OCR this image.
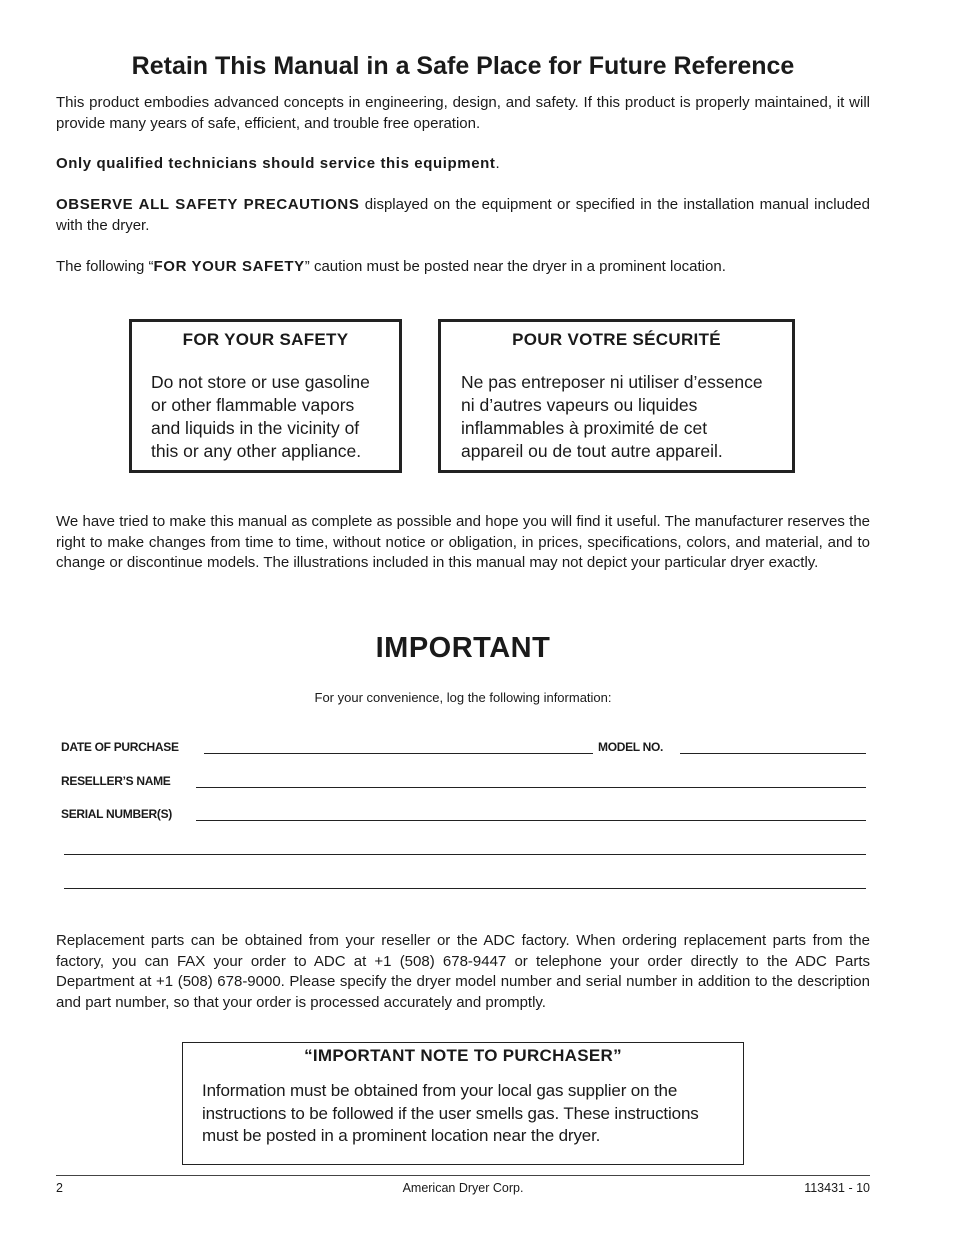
Retain This Manual in a Safe Place for Future Reference
This product embodies advanced concepts in engineering, design, and safety. If this product is properly maintained, it will provide many years of safe, efficient, and trouble free operation.
Only qualified technicians should service this equipment.
OBSERVE ALL SAFETY PRECAUTIONS displayed on the equipment or specified in the installation manual included with the dryer.
The following “FOR YOUR SAFETY” caution must be posted near the dryer in a prominent location.
FOR YOUR SAFETY
Do not store or use gasoline
or other flammable vapors
and liquids in the vicinity of
this or any other appliance.
POUR VOTRE SÉCURITÉ
Ne pas entreposer ni utiliser d’essence
ni d’autres vapeurs ou liquides
inflammables à proximité de cet
appareil ou de tout autre appareil.
We have tried to make this manual as complete as possible and hope you will find it useful. The manufacturer reserves the right to make changes from time to time, without notice or obligation, in prices, specifications, colors, and material, and to change or discontinue models. The illustrations included in this manual may not depict your particular dryer exactly.
IMPORTANT
For your convenience, log the following information:
DATE OF PURCHASE	MODEL NO.
RESELLER’S NAME
SERIAL NUMBER(S)
Replacement parts can be obtained from your reseller or the ADC factory. When ordering replacement parts from the factory, you can FAX your order to ADC at +1 (508) 678-9447 or telephone your order directly to the ADC Parts Department at +1 (508) 678-9000. Please specify the dryer model number and serial number in addition to the description and part number, so that your order is processed accurately and promptly.
“IMPORTANT NOTE TO PURCHASER”
Information must be obtained from your local gas supplier on the
instructions to be followed if the user smells gas. These instructions
must be posted in a prominent location near the dryer.
2	American Dryer Corp.	113431 - 10
